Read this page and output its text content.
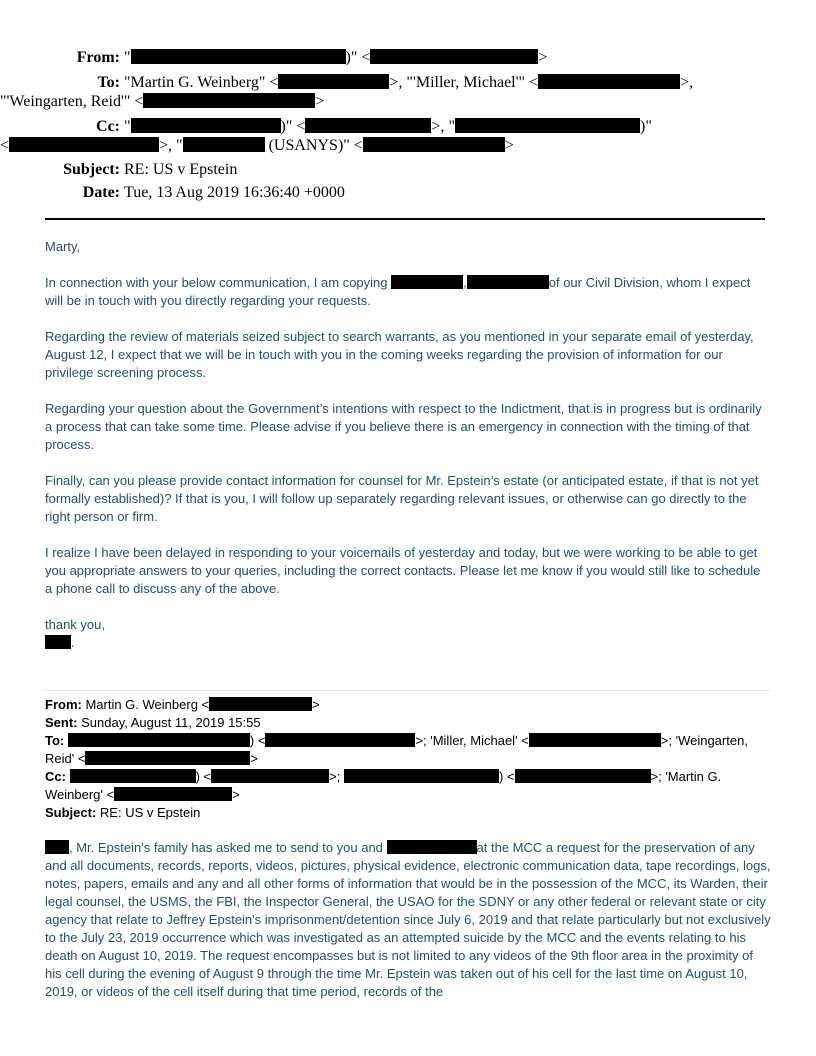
From: "	)" <	>
To: "Martin G. Weinberg" <	>, "'Miller, Michael'" <	>,
"'Weingarten, Reid'" <	>
Cc: "	)" <	>, "	)"
<	>, "	(USANYS)" <	>
Subject: RE: US v Epstein
Date: Tue, 13 Aug 2019 16:36:40 +0000

Marty,

In connection with your below communication, I am copying	,	of our Civil Division, whom I expect will be in touch with you directly regarding your requests.

Regarding the review of materials seized subject to search warrants, as you mentioned in your separate email of yesterday, August 12, I expect that we will be in touch with you in the coming weeks regarding the provision of information for our privilege screening process.

Regarding your question about the Government’s intentions with respect to the Indictment, that is in progress but is ordinarily a process that can take some time. Please advise if you believe there is an emergency in connection with the timing of that process.

Finally, can you please provide contact information for counsel for Mr. Epstein’s estate (or anticipated estate, if that is not yet formally established)? If that is you, I will follow up separately regarding relevant issues, or otherwise can go directly to the right person or firm.

I realize I have been delayed in responding to your voicemails of yesterday and today, but we were working to be able to get you appropriate answers to your queries, including the correct contacts. Please let me know if you would still like to schedule a phone call to discuss any of the above.

thank you,
.

From: Martin G. Weinberg <	>
Sent: Sunday, August 11, 2019 15:55
To:	) <	>; 'Miller, Michael' <	>; 'Weingarten, Reid' <	>
Cc:	) <	>;	) <	>; 'Martin G. Weinberg' <	>
Subject: RE: US v Epstein
, Mr. Epstein's family has asked me to send to you and	at the MCC a request for the preservation of any and all documents, records, reports, videos, pictures, physical evidence, electronic communication data, tape recordings, logs, notes, papers, emails and any and all other forms of information that would be in the possession of the MCC, its Warden, their legal counsel, the USMS, the FBI, the Inspector General, the USAO for the SDNY or any other federal or relevant state or city agency that relate to Jeffrey Epstein's imprisonment/detention since July 6, 2019 and that relate particularly but not exclusively to the July 23, 2019 occurrence which was investigated as an attempted suicide by the MCC and the events relating to his death on August 10, 2019. The request encompasses but is not limited to any videos of the 9th floor area in the proximity of his cell during the evening of August 9 through the time Mr. Epstein was taken out of his cell for the last time on August 10, 2019, or videos of the cell itself during that time period, records of the
